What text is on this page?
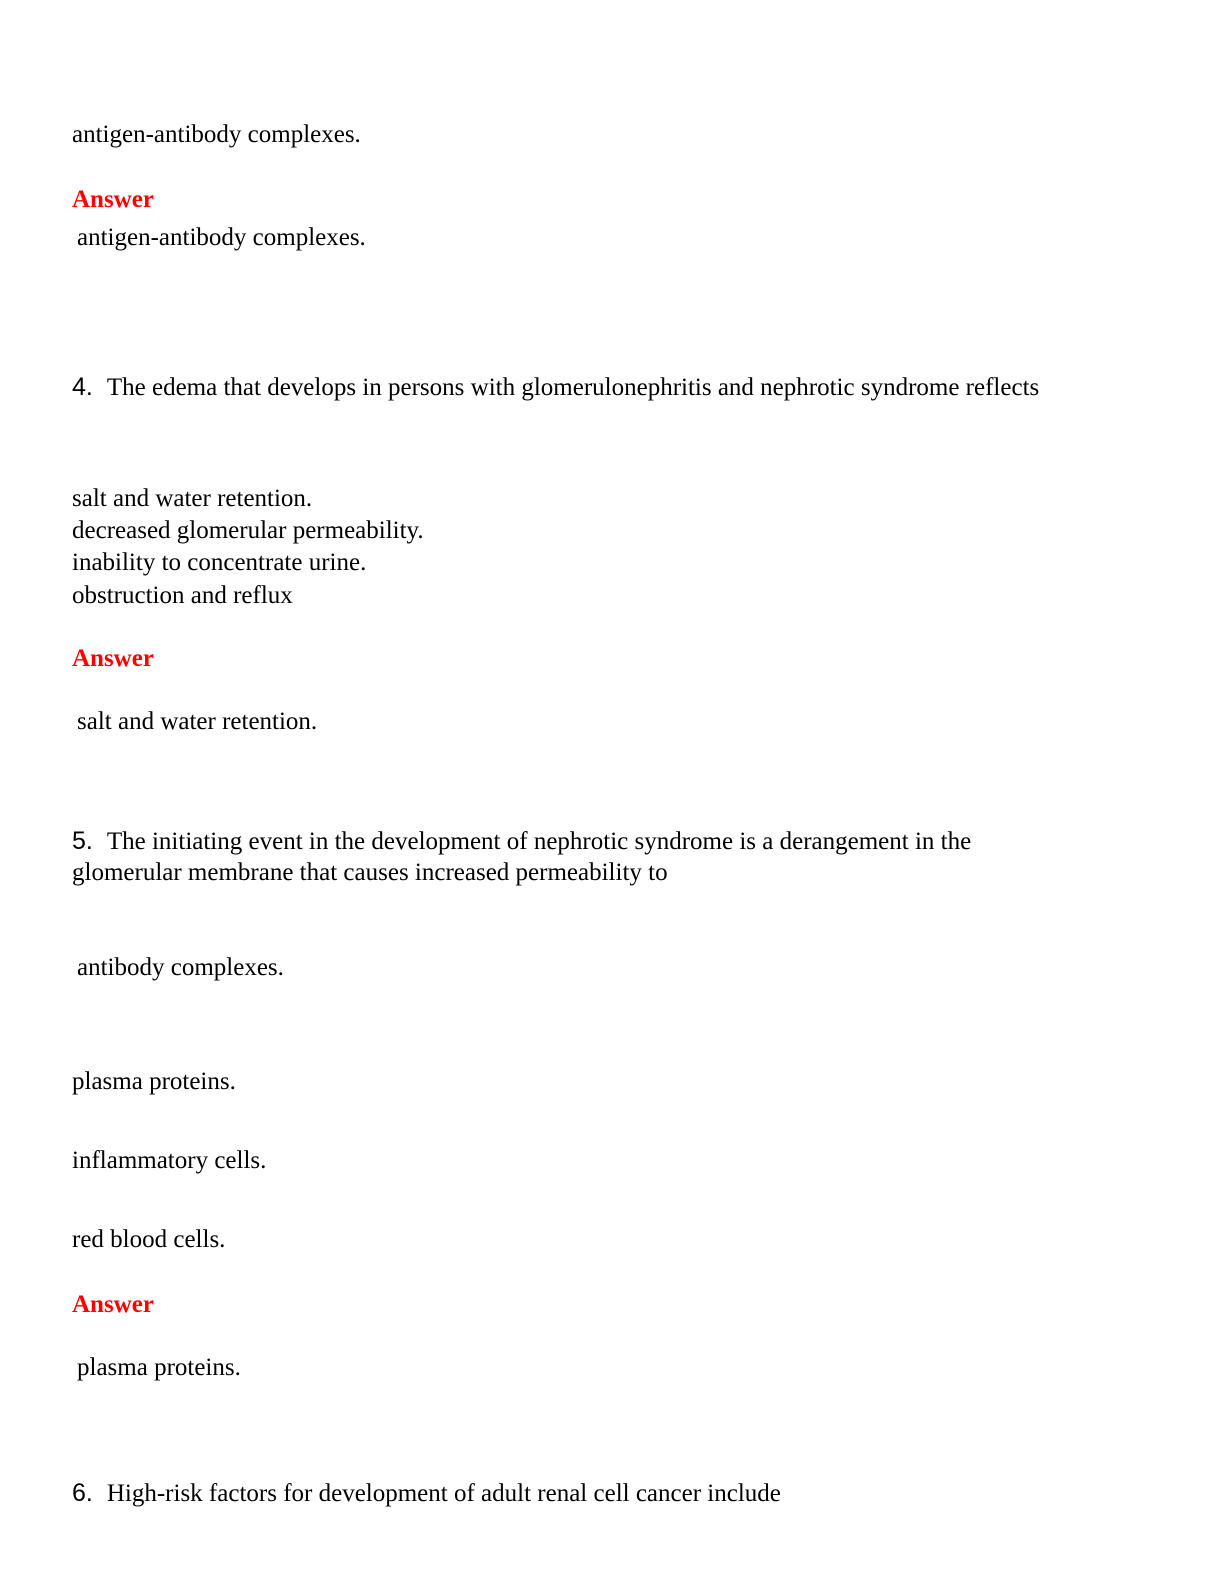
antigen-antibody complexes.
Answer
antigen-antibody complexes.
4. The edema that develops in persons with glomerulonephritis and nephrotic syndrome reflects
salt and water retention.
decreased glomerular permeability.
inability to concentrate urine.
obstruction and reflux
Answer
salt and water retention.
5. The initiating event in the development of nephrotic syndrome is a derangement in the
glomerular membrane that causes increased permeability to
antibody complexes.
plasma proteins.
inflammatory cells.
red blood cells.
Answer
plasma proteins.
6. High-risk factors for development of adult renal cell cancer include
